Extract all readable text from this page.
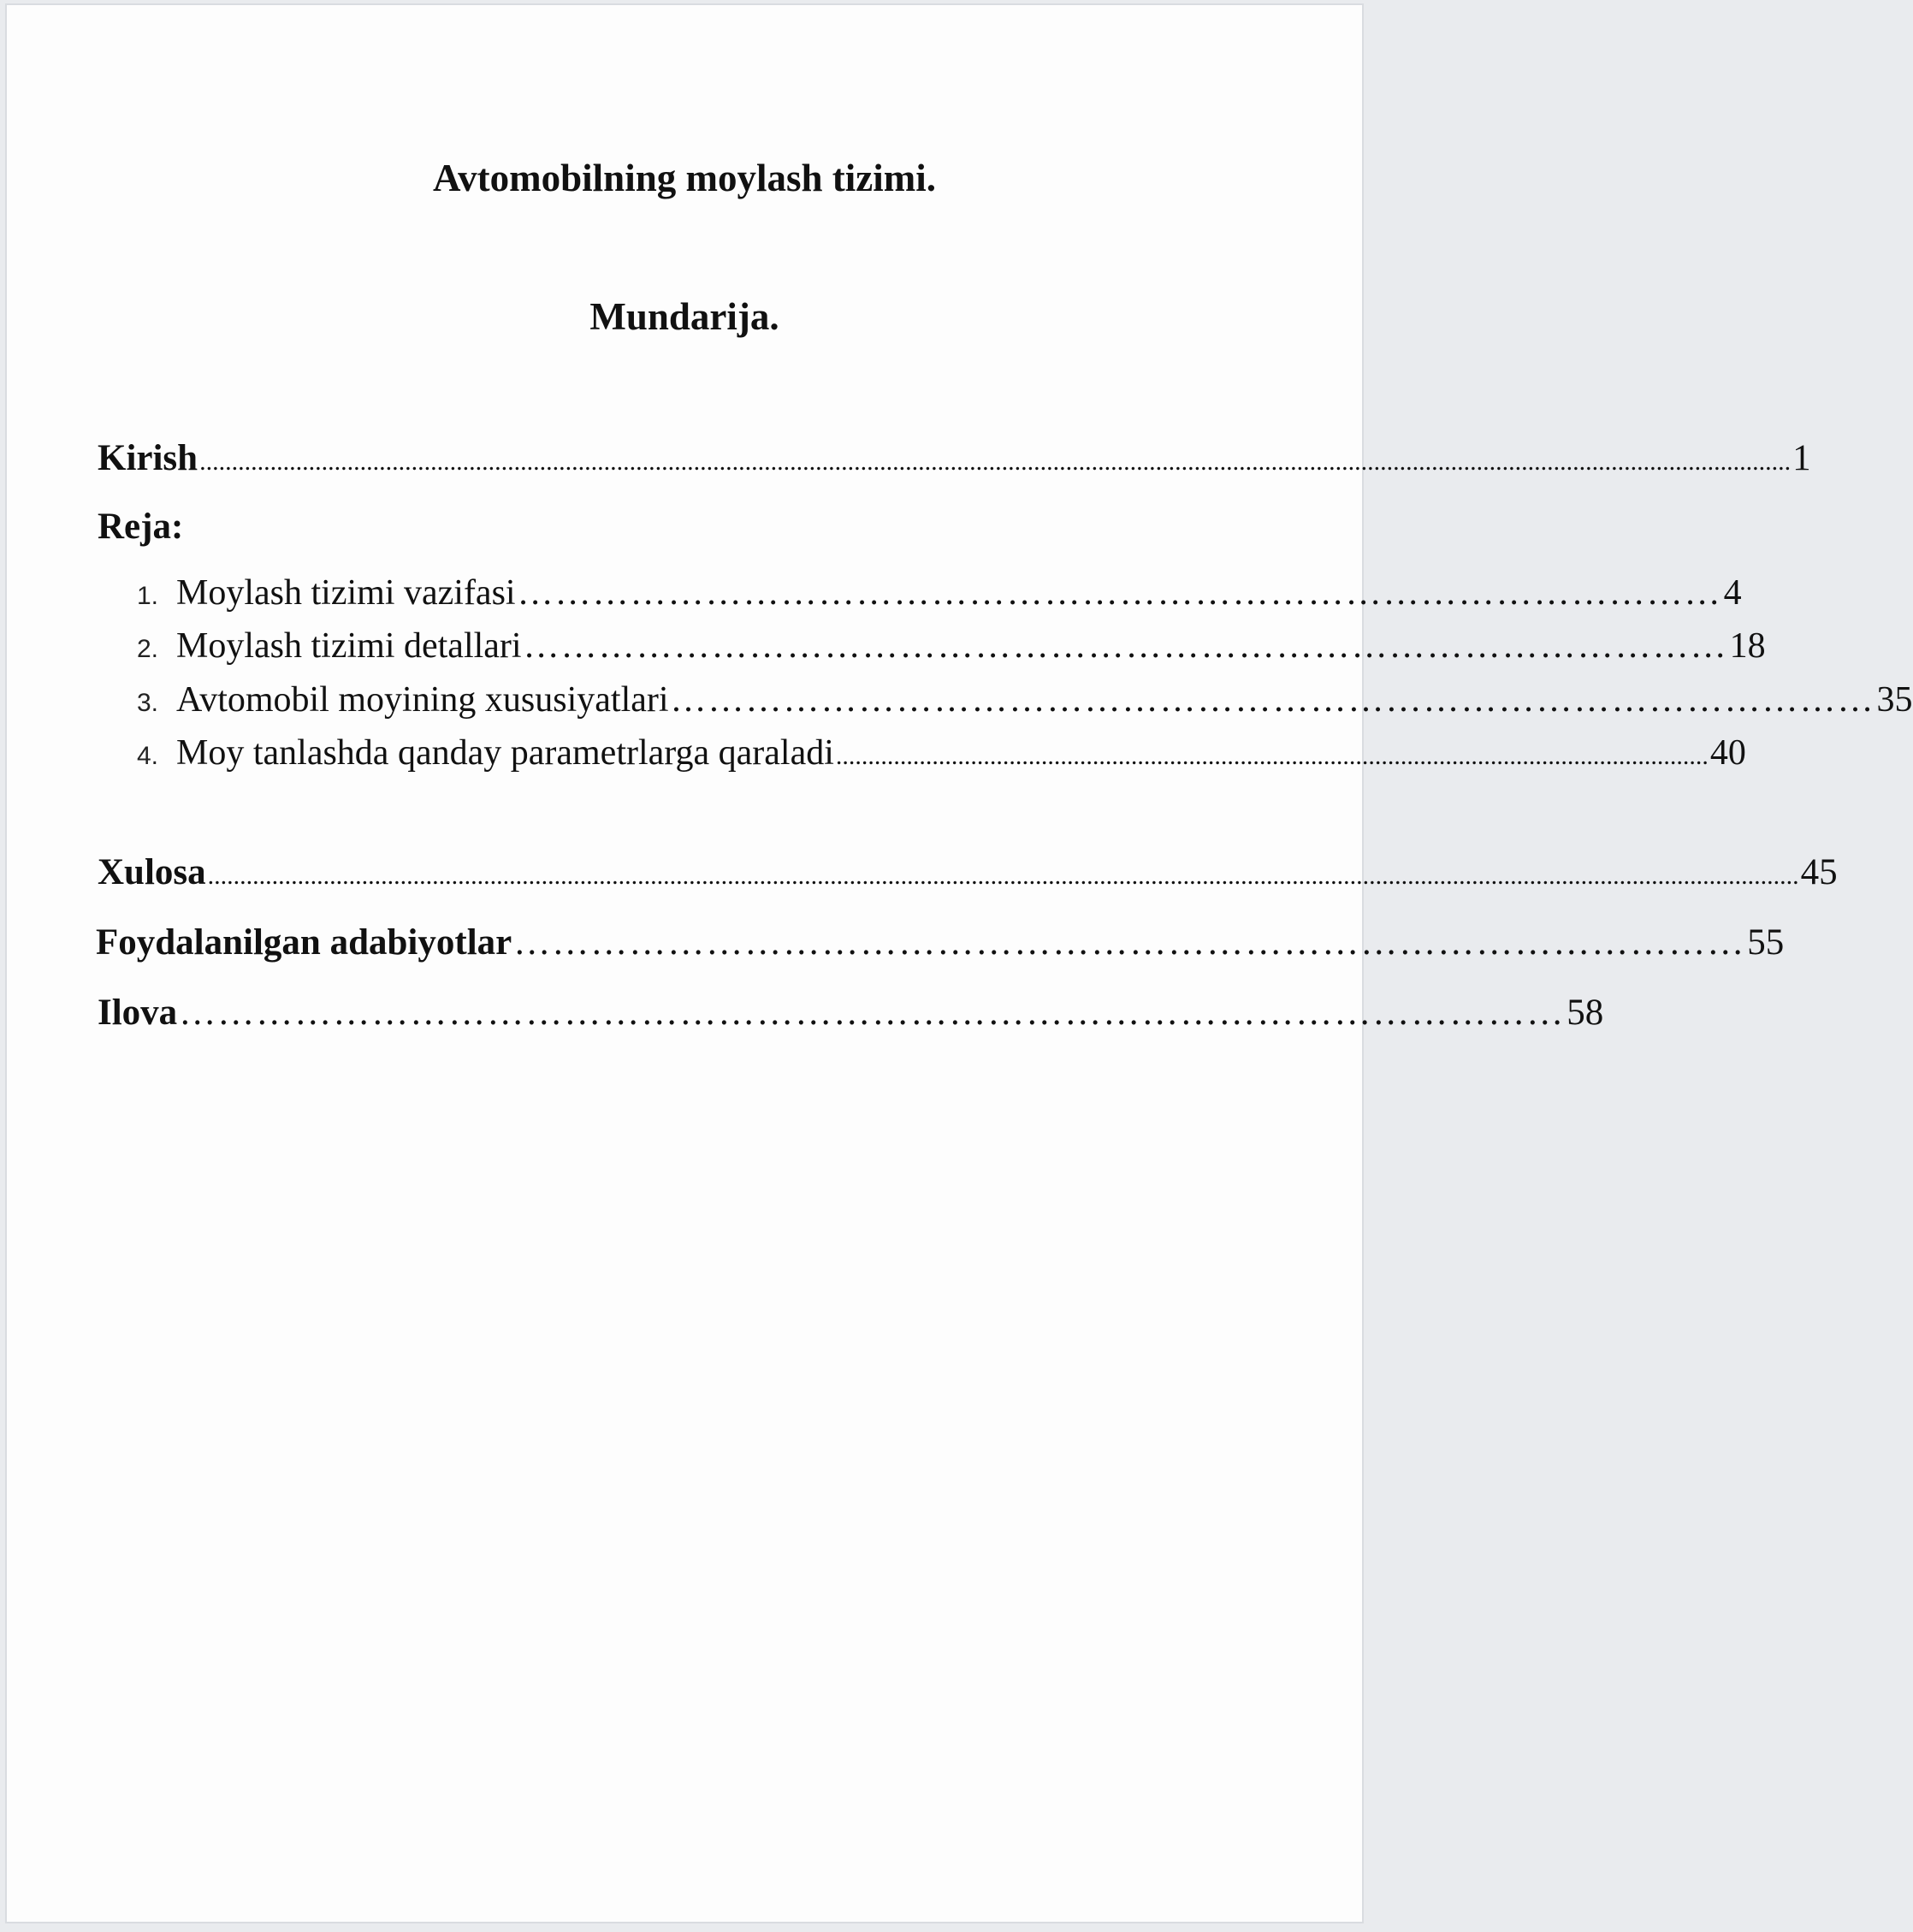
Avtomobilning moylash tizimi.
Mundarija.
Kirish ........................................................................................................................................................................................................................................................ 1
Reja:
1. Moylash tizimi vazifasi …………………………………………………………………………………… 4
2. Moylash tizimi detallari …………………………………………………………………………………… 18
3. Avtomobil moyining xususiyatlari …………………………………………………………………………………… 35
4. Moy tanlashda qanday parametrlarga qaraladi ........................................................................................................................................ 40
Xulosa ........................................................................................................................................................................................................................................................ 45
Foydalanilgan adabiyotlar …………………………………………………………………………………… 55
Ilova ……………………………………………………………………………………………… 58
